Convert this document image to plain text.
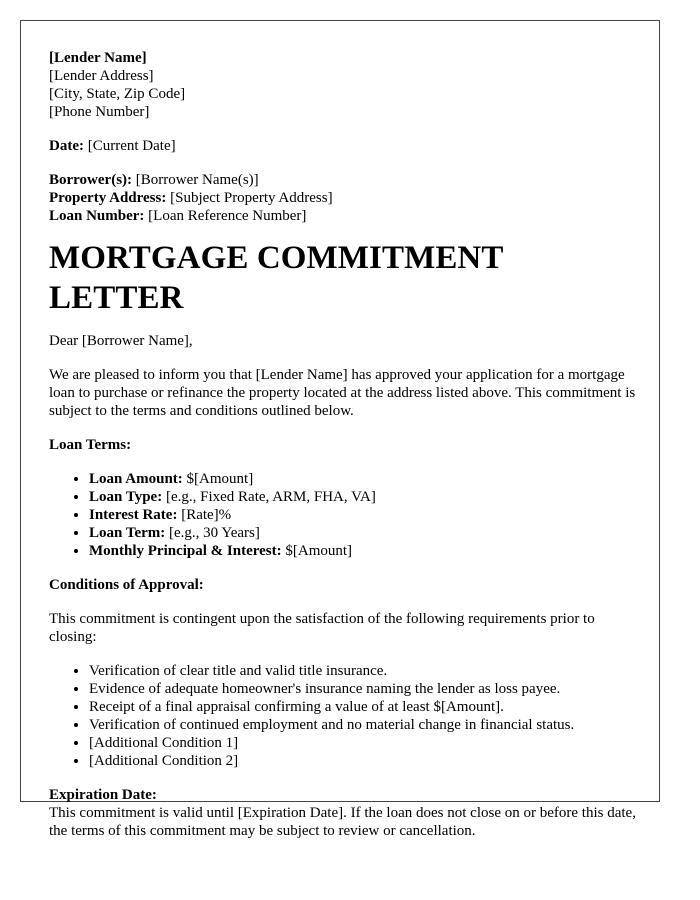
[Lender Name]
[Lender Address]
[City, State, Zip Code]
[Phone Number]

Date: [Current Date]

Borrower(s): [Borrower Name(s)]
Property Address: [Subject Property Address]
Loan Number: [Loan Reference Number]
MORTGAGE COMMITMENT LETTER

Dear [Borrower Name],

We are pleased to inform you that [Lender Name] has approved your application for a mortgage loan to purchase or refinance the property located at the address listed above. This commitment is subject to the terms and conditions outlined below.

Loan Terms:

• Loan Amount: $[Amount]
• Loan Type: [e.g., Fixed Rate, ARM, FHA, VA]
• Interest Rate: [Rate]%
• Loan Term: [e.g., 30 Years]
• Monthly Principal & Interest: $[Amount]

Conditions of Approval:

This commitment is contingent upon the satisfaction of the following requirements prior to closing:

• Verification of clear title and valid title insurance.
• Evidence of adequate homeowner's insurance naming the lender as loss payee.
• Receipt of a final appraisal confirming a value of at least $[Amount].
• Verification of continued employment and no material change in financial status.
• [Additional Condition 1]
• [Additional Condition 2]

Expiration Date:

This commitment is valid until [Expiration Date]. If the loan does not close on or before this date, the terms of this commitment may be subject to review or cancellation.
